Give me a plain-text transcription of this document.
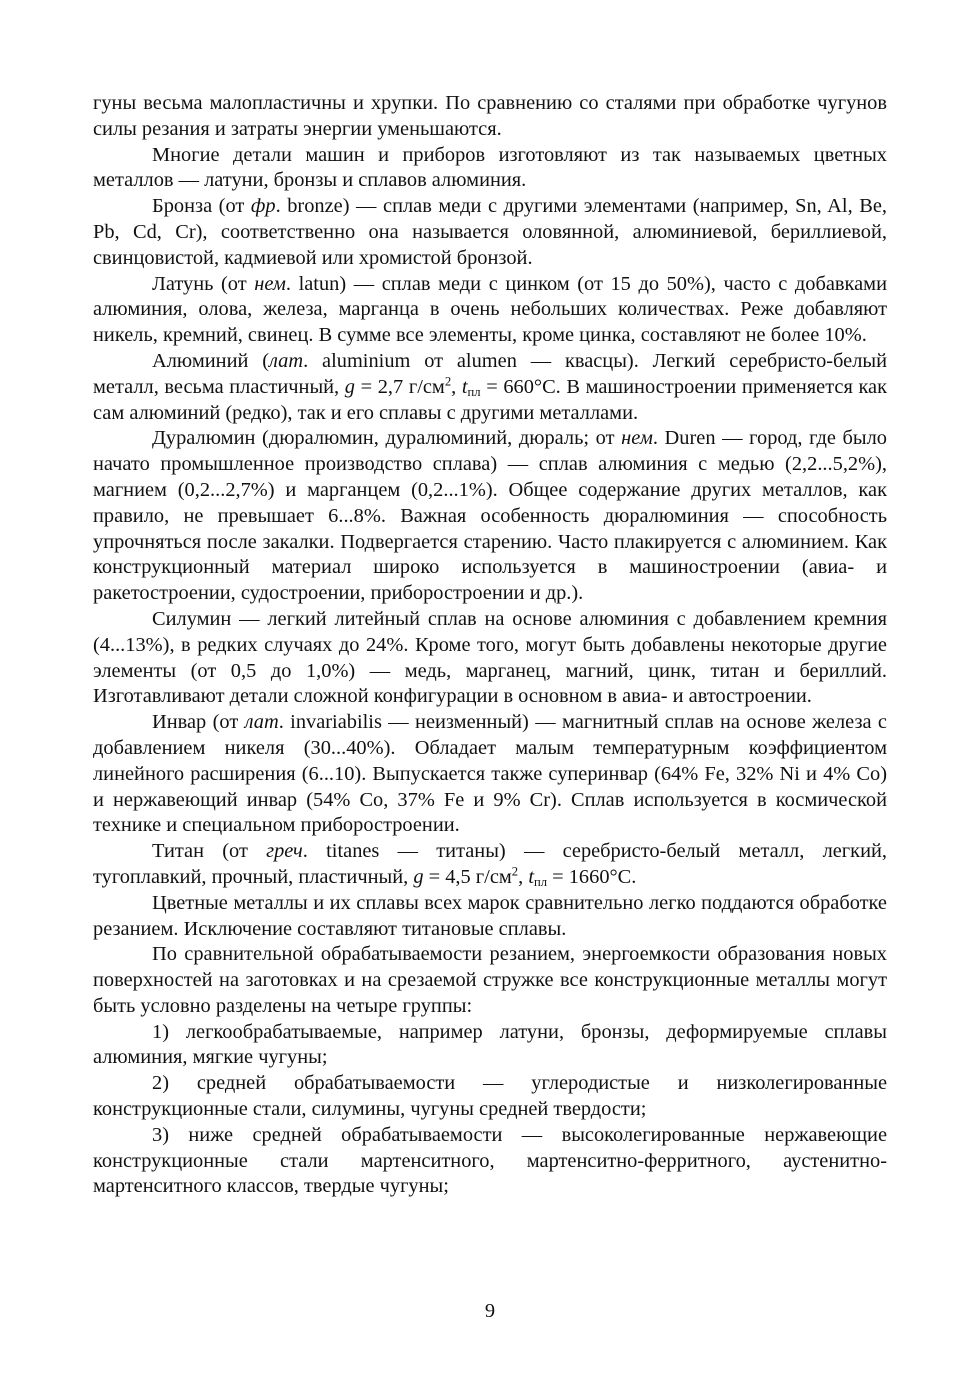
гуны весьма малопластичны и хрупки. По сравнению со сталями при обработке чугунов силы резания и затраты энергии уменьшаются.

Многие детали машин и приборов изготовляют из так называемых цветных металлов — латуни, бронзы и сплавов алюминия.

Бронза (от фр. bronze) — сплав меди с другими элементами (например, Sn, Al, Be, Pb, Cd, Cr), соответственно она называется оловянной, алюминиевой, бериллиевой, свинцовистой, кадмиевой или хромистой бронзой.

Латунь (от нем. latun) — сплав меди с цинком (от 15 до 50%), часто с добавками алюминия, олова, железа, марганца в очень небольших количествах. Реже добавляют никель, кремний, свинец. В сумме все элементы, кроме цинка, составляют не более 10%.

Алюминий (лат. aluminium от alumen — квасцы). Легкий серебристо-белый металл, весьма пластичный, g = 2,7 $г/см^2$, $t_{пл} = 660^\circ C$. В машиностроении применяется как сам алюминий (редко), так и его сплавы с другими металлами.

Дуралюмин (дюралюмин, дуралюминий, дюраль; от нем. Duren — город, где было начато промышленное производство сплава) — сплав алюминия с медью (2,2...5,2%), магнием (0,2...2,7%) и марганцем (0,2...1%). Общее содержание других металлов, как правило, не превышает 6...8%. Важная особенность дюралюминия — способность упрочняться после закалки. Подвергается старению. Часто плакируется с алюминием. Как конструкционный материал широко используется в машиностроении (авиа- и ракетостроении, судостроении, приборостроении и др.).

Силумин — легкий литейный сплав на основе алюминия с добавлением кремния (4...13%), в редких случаях до 24%. Кроме того, могут быть добавлены некоторые другие элементы (от 0,5 до 1,0%) — медь, марганец, магний, цинк, титан и бериллий. Изготавливают детали сложной конфигурации в основном в авиа- и автостроении.

Инвар (от лат. invariabilis — неизменный) — магнитный сплав на основе железа с добавлением никеля (30...40%). Обладает малым температурным коэффициентом линейного расширения (6...10). Выпускается также суперинвар (64% Fe, 32% Ni и 4% Co) и нержавеющий инвар (54% Co, 37% Fe и 9% Cr). Сплав используется в космической технике и специальном приборостроении.

Титан (от греч. titanes — титаны) — серебристо-белый металл, легкий, тугоплавкий, прочный, пластичный, g = 4,5 $г/см^2$, $t_{пл} = 1660^\circ C$.

Цветные металлы и их сплавы всех марок сравнительно легко поддаются обработке резанием. Исключение составляют титановые сплавы.

По сравнительной обрабатываемости резанием, энергоемкости образования новых поверхностей на заготовках и на срезаемой стружке все конструкционные металлы могут быть условно разделены на четыре группы:

1) легкообрабатываемые, например латуни, бронзы, деформируемые сплавы алюминия, мягкие чугуны;

2) средней обрабатываемости — углеродистые и низколегированные конструкционные стали, силумины, чугуны средней твердости;

3) ниже средней обрабатываемости — высоколегированные нержавеющие конструкционные стали мартенситного, мартенситно-ферритного, аустенитно-мартенситного классов, твердые чугуны;

9
